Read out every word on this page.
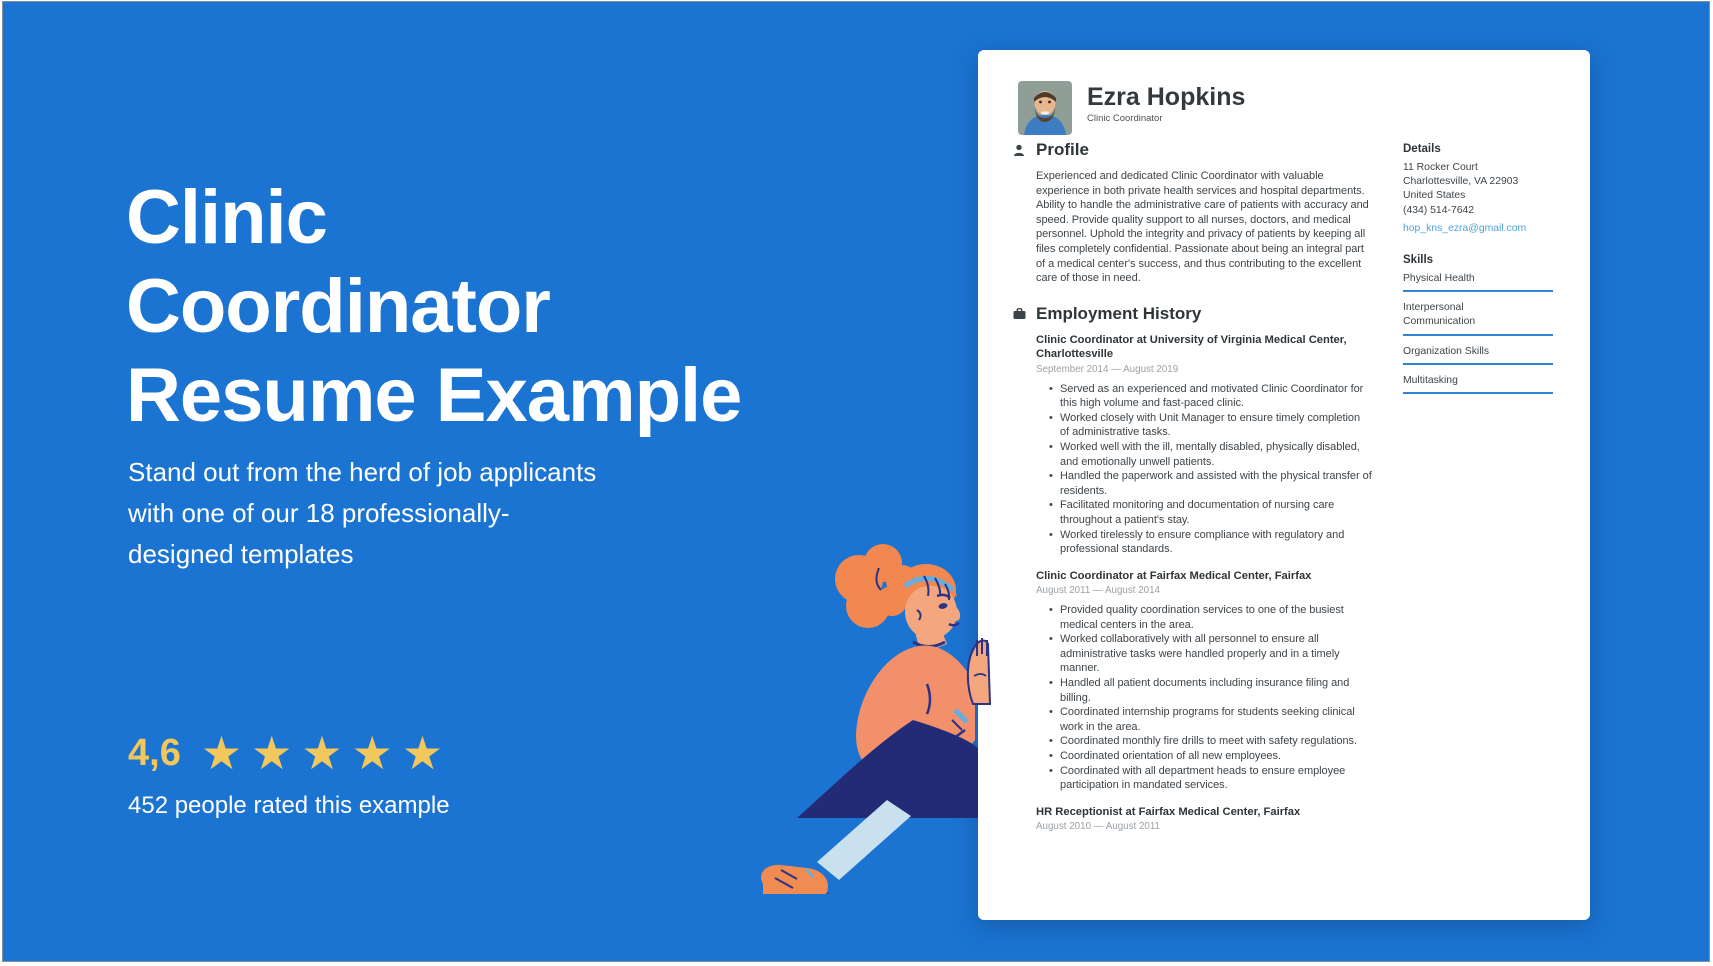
Clinic
Coordinator
Resume Example

Stand out from the herd of job applicants with one of our 18 professionally-designed templates

4,6 ★ ★ ★ ★ ★
452 people rated this example
Ezra Hopkins
Clinic Coordinator
Profile
Experienced and dedicated Clinic Coordinator with valuable experience in both private health services and hospital departments. Ability to handle the administrative care of patients with accuracy and speed. Provide quality support to all nurses, doctors, and medical personnel. Uphold the integrity and privacy of patients by keeping all files completely confidential. Passionate about being an integral part of a medical center's success, and thus contributing to the excellent care of those in need.
Employment History
Clinic Coordinator at University of Virginia Medical Center, Charlottesville
September 2014 — August 2019
• Served as an experienced and motivated Clinic Coordinator for this high volume and fast-paced clinic.
• Worked closely with Unit Manager to ensure timely completion of administrative tasks.
• Worked well with the ill, mentally disabled, physically disabled, and emotionally unwell patients.
• Handled the paperwork and assisted with the physical transfer of residents.
• Facilitated monitoring and documentation of nursing care throughout a patient's stay.
• Worked tirelessly to ensure compliance with regulatory and professional standards.
Clinic Coordinator at Fairfax Medical Center, Fairfax
August 2011 — August 2014
• Provided quality coordination services to one of the busiest medical centers in the area.
• Worked collaboratively with all personnel to ensure all administrative tasks were handled properly and in a timely manner.
• Handled all patient documents including insurance filing and billing.
• Coordinated internship programs for students seeking clinical work in the area.
• Coordinated monthly fire drills to meet with safety regulations.
• Coordinated orientation of all new employees.
• Coordinated with all department heads to ensure employee participation in mandated services.
HR Receptionist at Fairfax Medical Center, Fairfax
August 2010 — August 2011
Details
11 Rocker Court
Charlottesville, VA 22903
United States
(434) 514-7642
hop_kns_ezra@gmail.com
Skills
Physical Health
Interpersonal Communication
Organization Skills
Multitasking
